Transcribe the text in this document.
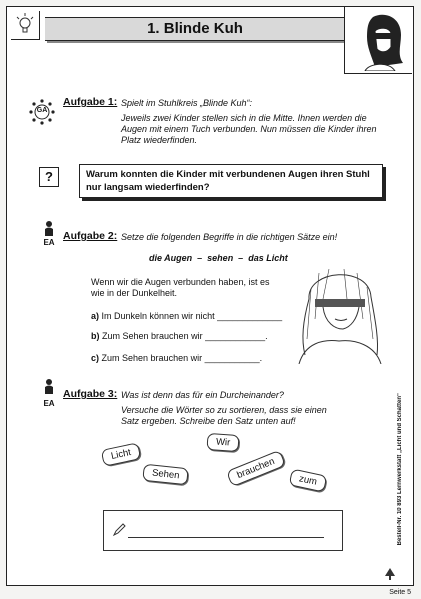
1. Blinde Kuh
GA
Aufgabe 1: Spielt im Stuhlkreis „Blinde Kuh“:
Jeweils zwei Kinder stellen sich in die Mitte. Ihnen werden die Augen mit einem Tuch verbunden. Nun müssen die Kinder ihren Platz wiederfinden.
?	Warum konnten die Kinder mit verbundenen Augen ihren Stuhl nur langsam wiederfinden?
EA
Aufgabe 2: Setze die folgenden Begriffe in die richtigen Sätze ein!
die Augen  –  sehen  –  das Licht
Wenn wir die Augen verbunden haben, ist es wie in der Dunkelheit.
a) Im Dunkeln können wir nicht _____________
b) Zum Sehen brauchen wir ____________.
c) Zum Sehen brauchen wir ___________.
EA
Aufgabe 3: Was ist denn das für ein Durcheinander?
Versuche die Wörter so zu sortieren, dass sie einen Satz ergeben. Schreibe den Satz unten auf!
Licht
Wir
Sehen	brauchen	zum	Bestell-Nr. 10 893 Lernwerkstatt „Licht und Schatten“
Seite 5
